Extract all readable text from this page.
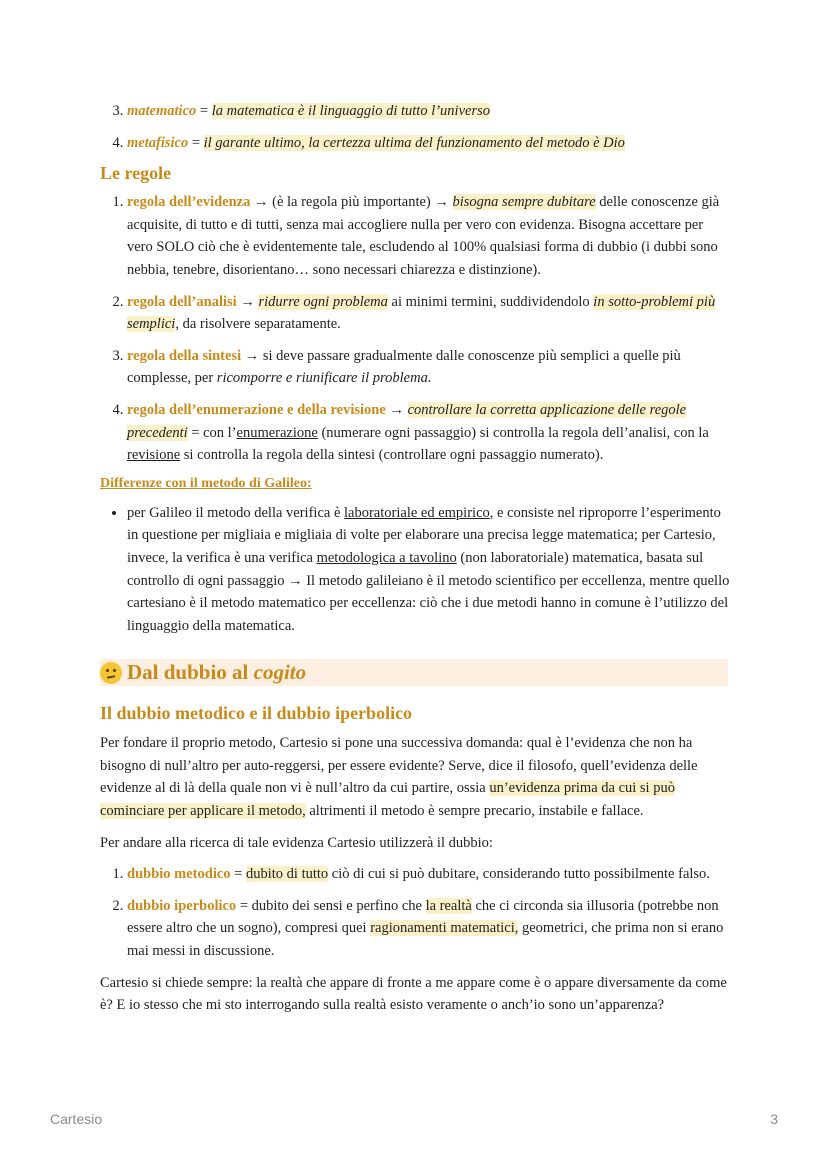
3. matematico = la matematica è il linguaggio di tutto l’universo
4. metafisico = il garante ultimo, la certezza ultima del funzionamento del metodo è Dio
Le regole
1. regola dell’evidenza → (è la regola più importante) → bisogna sempre dubitare delle conoscenze già acquisite, di tutto e di tutti, senza mai accogliere nulla per vero con evidenza. Bisogna accettare per vero SOLO ciò che è evidentemente tale, escludendo al 100% qualsiasi forma di dubbio (i dubbi sono nebbia, tenebre, disorientano… sono necessari chiarezza e distinzione).
2. regola dell’analisi → ridurre ogni problema ai minimi termini, suddividendolo in sotto-problemi più semplici, da risolvere separatamente.
3. regola della sintesi → si deve passare gradualmente dalle conoscenze più semplici a quelle più complesse, per ricomporre e riunificare il problema.
4. regola dell’enumerazione e della revisione → controllare la corretta applicazione delle regole precedenti = con l’enumerazione (numerare ogni passaggio) si controlla la regola dell’analisi, con la revisione si controlla la regola della sintesi (controllare ogni passaggio numerato).
Differenze con il metodo di Galileo:
• per Galileo il metodo della verifica è laboratoriale ed empirico, e consiste nel riproporre l’esperimento in questione per migliaia e migliaia di volte per elaborare una precisa legge matematica; per Cartesio, invece, la verifica è una verifica metodologica a tavolino (non laboratoriale) matematica, basata sul controllo di ogni passaggio → Il metodo galileiano è il metodo scientifico per eccellenza, mentre quello cartesiano è il metodo matematico per eccellenza: ciò che i due metodi hanno in comune è l’utilizzo del linguaggio della matematica.
Dal dubbio al cogito
Il dubbio metodico e il dubbio iperbolico

Per fondare il proprio metodo, Cartesio si pone una successiva domanda: qual è l’evidenza che non ha bisogno di null’altro per auto-reggersi, per essere evidente? Serve, dice il filosofo, quell’evidenza delle evidenze al di là della quale non vi è null’altro da cui partire, ossia un’evidenza prima da cui si può cominciare per applicare il metodo, altrimenti il metodo è sempre precario, instabile e fallace.

Per andare alla ricerca di tale evidenza Cartesio utilizzerà il dubbio:

1. dubbio metodico = dubito di tutto ciò di cui si può dubitare, considerando tutto possibilmente falso.
2. dubbio iperbolico = dubito dei sensi e perfino che la realtà che ci circonda sia illusoria (potrebbe non essere altro che un sogno), compresi quei ragionamenti matematici, geometrici, che prima non si erano mai messi in discussione.

Cartesio si chiede sempre: la realtà che appare di fronte a me appare come è o appare diversamente da come è? E io stesso che mi sto interrogando sulla realtà esisto veramente o anch’io sono un’apparenza?

Cartesio	3
